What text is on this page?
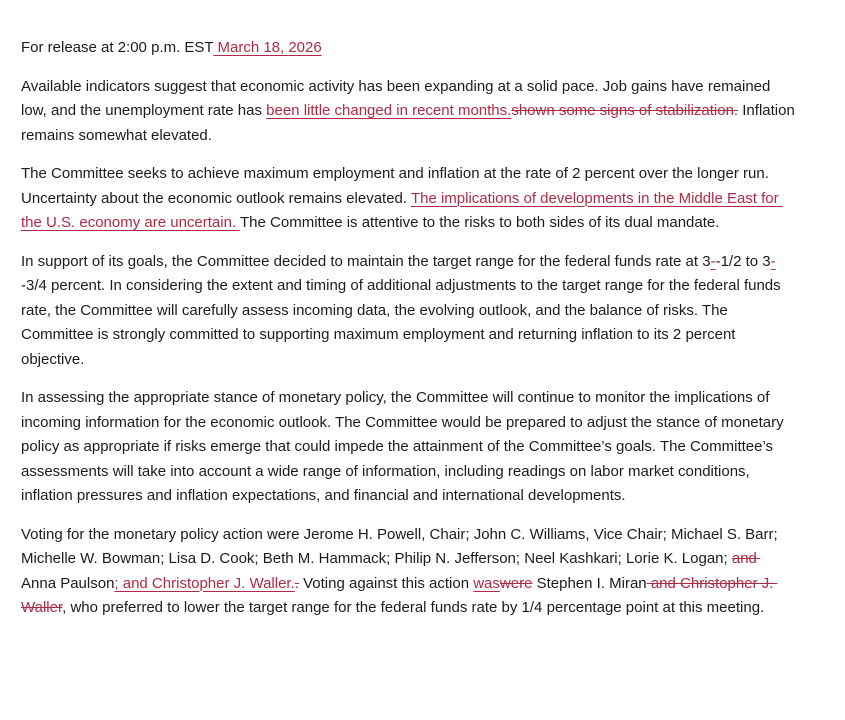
For release at 2:00 p.m. EST March 18, 2026

Available indicators suggest that economic activity has been expanding at a solid pace. Job gains have remained low, and the unemployment rate has been little changed in recent months.shown some signs of stabilization. Inflation remains somewhat elevated.

The Committee seeks to achieve maximum employment and inflation at the rate of 2 percent over the longer run. Uncertainty about the economic outlook remains elevated. The implications of developments in the Middle East for the U.S. economy are uncertain. The Committee is attentive to the risks to both sides of its dual mandate.

In support of its goals, the Committee decided to maintain the target range for the federal funds rate at 3--1/2 to 3--3/4 percent. In considering the extent and timing of additional adjustments to the target range for the federal funds rate, the Committee will carefully assess incoming data, the evolving outlook, and the balance of risks. The Committee is strongly committed to supporting maximum employment and returning inflation to its 2 percent objective.

In assessing the appropriate stance of monetary policy, the Committee will continue to monitor the implications of incoming information for the economic outlook. The Committee would be prepared to adjust the stance of monetary policy as appropriate if risks emerge that could impede the attainment of the Committee’s goals. The Committee’s assessments will take into account a wide range of information, including readings on labor market conditions, inflation pressures and inflation expectations, and financial and international developments.

Voting for the monetary policy action were Jerome H. Powell, Chair; John C. Williams, Vice Chair; Michael S. Barr; Michelle W. Bowman; Lisa D. Cook; Beth M. Hammack; Philip N. Jefferson; Neel Kashkari; Lorie K. Logan; and Anna Paulson; and Christopher J. Waller.. Voting against this action waswere Stephen I. Miran and Christopher J. Waller, who preferred to lower the target range for the federal funds rate by 1/4 percentage point at this meeting.
